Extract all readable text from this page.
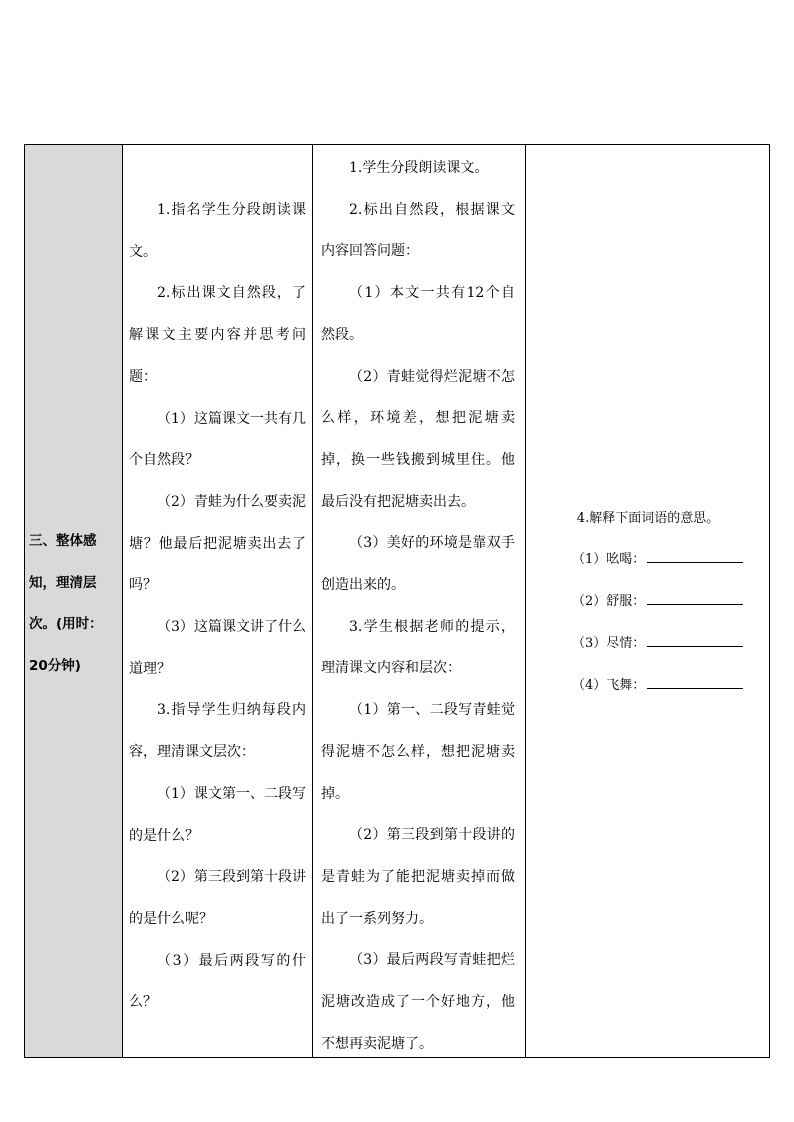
三、整体感知，理清层次。(用时：20分钟)

1.指名学生分段朗读课文。

2.标出课文自然段，了解课文主要内容并思考问题：

（1）这篇课文一共有几个自然段？

（2）青蛙为什么要卖泥塘？他最后把泥塘卖出去了吗？

（3）这篇课文讲了什么道理？

3.指导学生归纳每段内容，理清课文层次：

（1）课文第一、二段写的是什么？

（2）第三段到第十段讲的是什么呢？

（3）最后两段写的什么？

1.学生分段朗读课文。

2.标出自然段，根据课文内容回答问题：

（1）本文一共有12个自然段。

（2）青蛙觉得烂泥塘不怎么样，环境差，想把泥塘卖掉，换一些钱搬到城里住。他最后没有把泥塘卖出去。

（3）美好的环境是靠双手创造出来的。

3.学生根据老师的提示，理清课文内容和层次：

（1）第一、二段写青蛙觉得泥塘不怎么样，想把泥塘卖掉。

（2）第三段到第十段讲的是青蛙为了能把泥塘卖掉而做出了一系列努力。

（3）最后两段写青蛙把烂泥塘改造成了一个好地方，他不想再卖泥塘了。

4.解释下面词语的意思。
（1）吆喝：
（2）舒服：
（3）尽情：
（4）飞舞：
